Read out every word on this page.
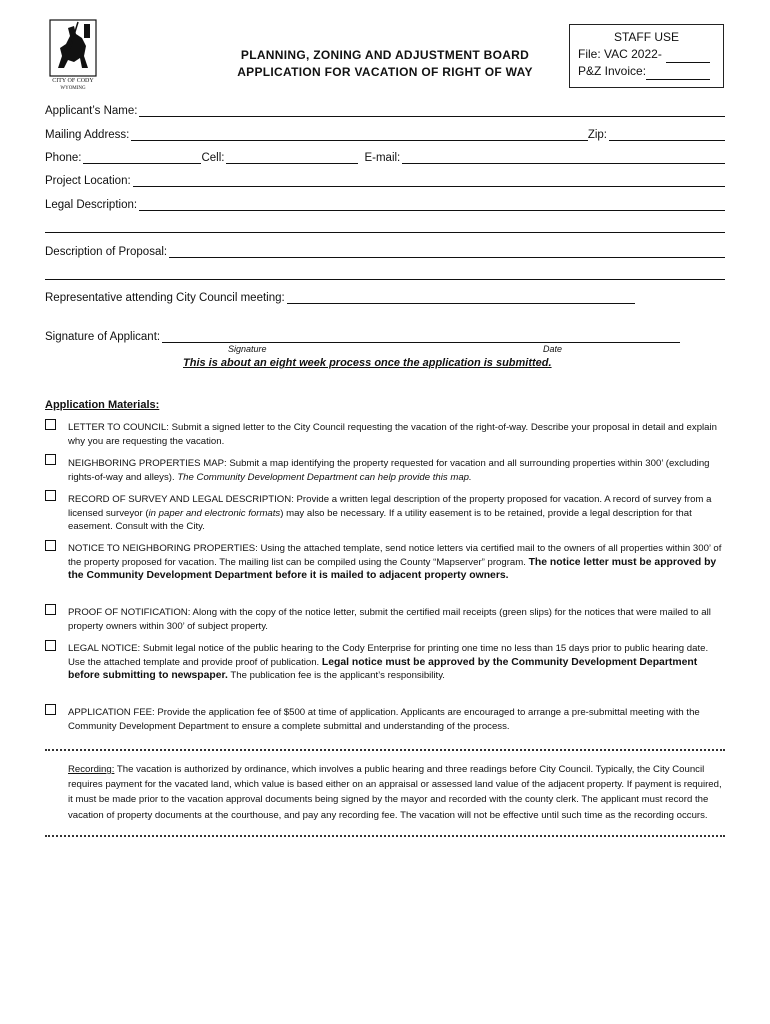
CITY OF CODY
WYOMING
PLANNING, ZONING AND ADJUSTMENT BOARD
APPLICATION FOR VACATION OF RIGHT OF WAY
STAFF USE
File: VAC 2022-
P&Z Invoice:
Applicant’s Name:
Mailing Address:	Zip:
Phone:	Cell:	E-mail:
Project Location:
Legal Description:
Description of Proposal:
Representative attending City Council meeting:
Signature of Applicant:
Signature	Date
This is about an eight week process once the application is submitted.
Application Materials:
LETTER TO COUNCIL: Submit a signed letter to the City Council requesting the vacation of the right-of-way. Describe your proposal in detail and explain why you are requesting the vacation.
NEIGHBORING PROPERTIES MAP: Submit a map identifying the property requested for vacation and all surrounding properties within 300’ (excluding rights-of-way and alleys). The Community Development Department can help provide this map.
RECORD OF SURVEY AND LEGAL DESCRIPTION: Provide a written legal description of the property proposed for vacation. A record of survey from a licensed surveyor (in paper and electronic formats) may also be necessary. If a utility easement is to be retained, provide a legal description for that easement. Consult with the City.
NOTICE TO NEIGHBORING PROPERTIES: Using the attached template, send notice letters via certified mail to the owners of all properties within 300’ of the property proposed for vacation. The mailing list can be compiled using the County “Mapserver” program. The notice letter must be approved by the Community Development Department before it is mailed to adjacent property owners.
PROOF OF NOTIFICATION: Along with the copy of the notice letter, submit the certified mail receipts (green slips) for the notices that were mailed to all property owners within 300’ of subject property.
LEGAL NOTICE: Submit legal notice of the public hearing to the Cody Enterprise for printing one time no less than 15 days prior to public hearing date. Use the attached template and provide proof of publication. Legal notice must be approved by the Community Development Department before submitting to newspaper. The publication fee is the applicant’s responsibility.
APPLICATION FEE: Provide the application fee of $500 at time of application. Applicants are encouraged to arrange a pre-submittal meeting with the Community Development Department to ensure a complete submittal and understanding of the process.
Recording: The vacation is authorized by ordinance, which involves a public hearing and three readings before City Council. Typically, the City Council requires payment for the vacated land, which value is based either on an appraisal or assessed land value of the adjacent property. If payment is required, it must be made prior to the vacation approval documents being signed by the mayor and recorded with the county clerk. The applicant must record the vacation of property documents at the courthouse, and pay any recording fee. The vacation will not be effective until such time as the recording occurs.
